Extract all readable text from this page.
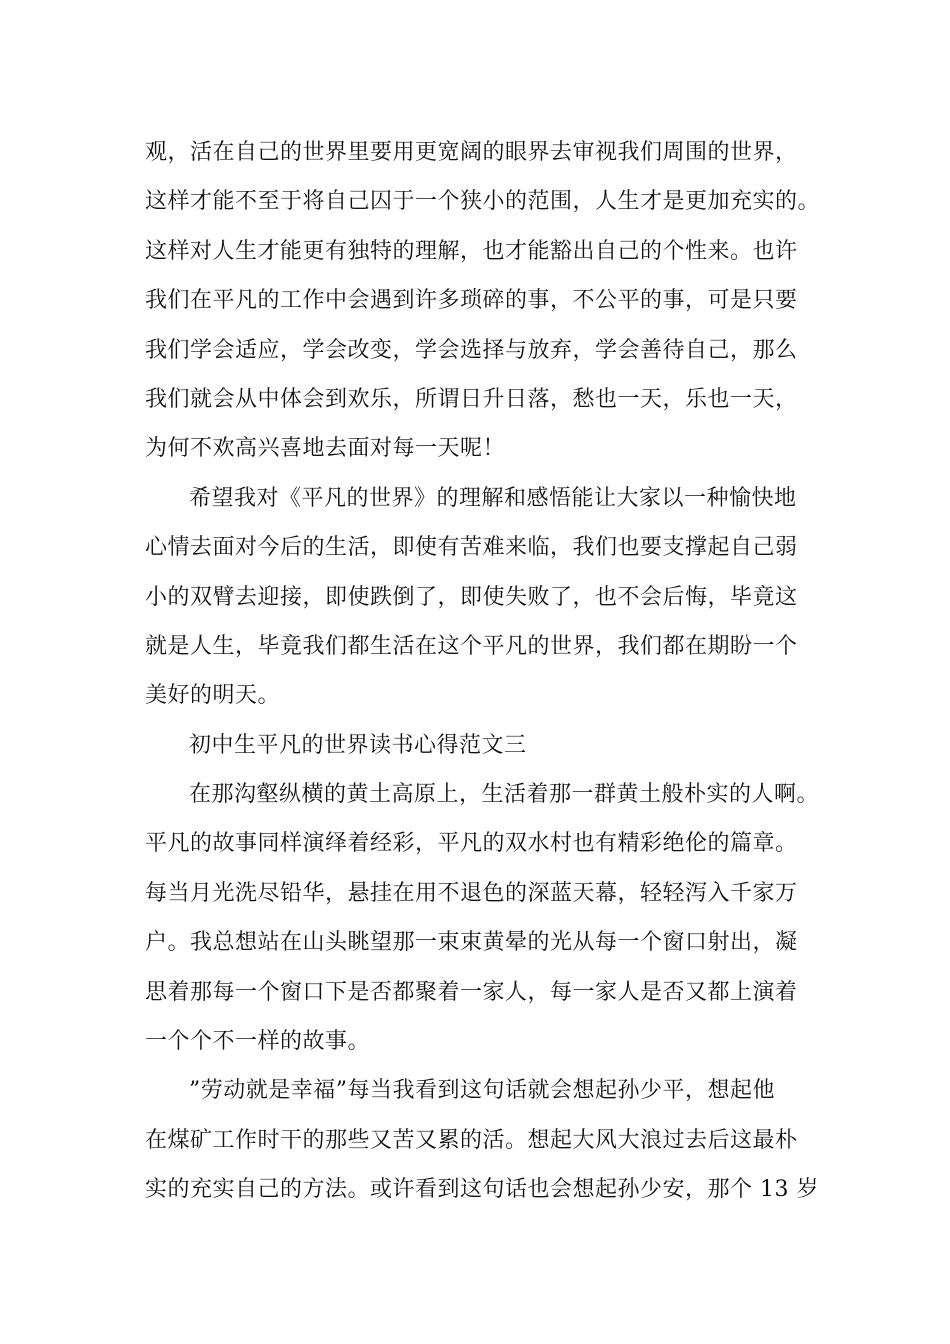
观，活在自己的世界里要用更宽阔的眼界去审视我们周围的世界，
这样才能不至于将自己囚于一个狭小的范围，人生才是更加充实的。
这样对人生才能更有独特的理解，也才能豁出自己的个性来。也许
我们在平凡的工作中会遇到许多琐碎的事，不公平的事，可是只要
我们学会适应，学会改变，学会选择与放弃，学会善待自己，那么
我们就会从中体会到欢乐，所谓日升日落，愁也一天，乐也一天，
为何不欢高兴喜地去面对每一天呢！
希望我对《平凡的世界》的理解和感悟能让大家以一种愉快地
心情去面对今后的生活，即使有苦难来临，我们也要支撑起自己弱
小的双臂去迎接，即使跌倒了，即使失败了，也不会后悔，毕竟这
就是人生，毕竟我们都生活在这个平凡的世界，我们都在期盼一个
美好的明天。
初中生平凡的世界读书心得范文三
在那沟壑纵横的黄土高原上，生活着那一群黄土般朴实的人啊。
平凡的故事同样演绎着经彩，平凡的双水村也有精彩绝伦的篇章。
每当月光洗尽铅华，悬挂在用不退色的深蓝天幕，轻轻泻入千家万
户。我总想站在山头眺望那一束束黄晕的光从每一个窗口射出，凝
思着那每一个窗口下是否都聚着一家人，每一家人是否又都上演着
一个个不一样的故事。
”劳动就是幸福”每当我看到这句话就会想起孙少平，想起他
在煤矿工作时干的那些又苦又累的活。想起大风大浪过去后这最朴
实的充实自己的方法。或许看到这句话也会想起孙少安，那个 13 岁
